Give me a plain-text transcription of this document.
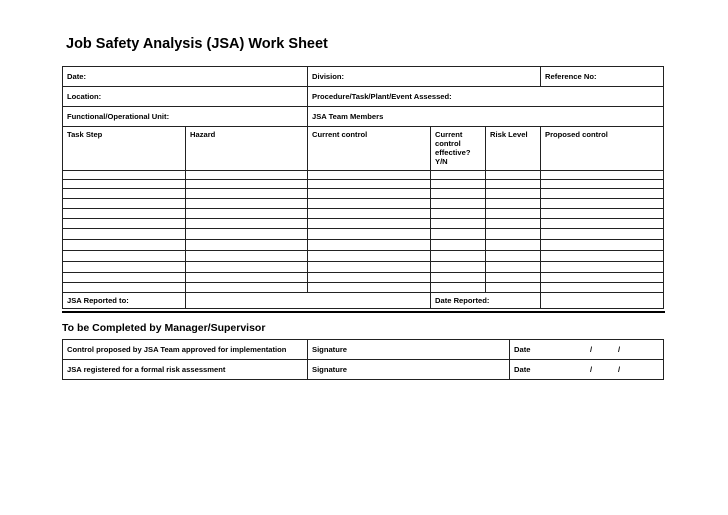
Job Safety Analysis (JSA) Work Sheet
Date:		Division:			Reference No:
Location:		Procedure/Task/Plant/Event Assessed:			
Functional/Operational Unit:		JSA Team Members			
Task Step	Hazard	Current control	Current control effective? Y/N	Risk Level	Proposed control

JSA Reported to:			Date Reported:		
To be Completed by Manager/Supervisor
Control proposed by JSA Team approved for implementation	Signature	Date / /
JSA registered for a formal risk assessment	Signature	Date / /
